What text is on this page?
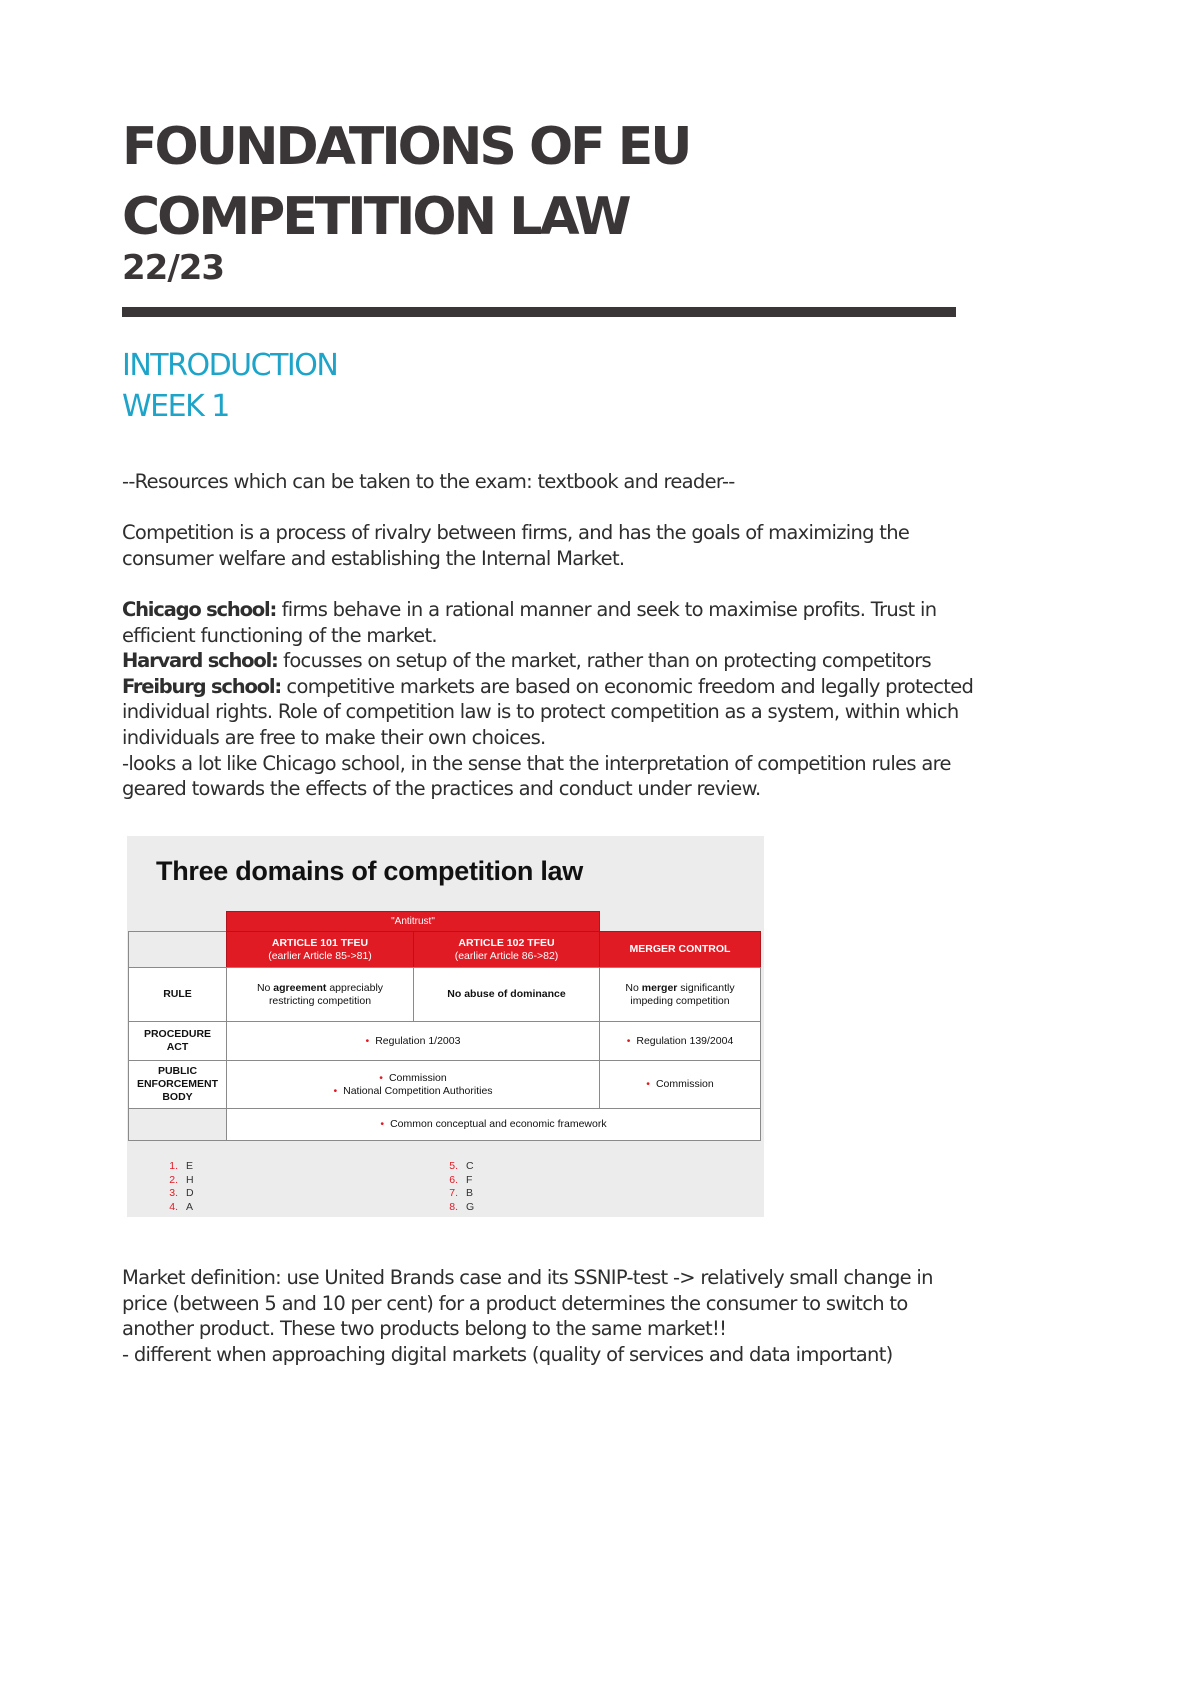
FOUNDATIONS OF EU
COMPETITION LAW
22/23
INTRODUCTION
WEEK 1

--Resources which can be taken to the exam: textbook and reader--

Competition is a process of rivalry between firms, and has the goals of maximizing the consumer welfare and establishing the Internal Market.

Chicago school: firms behave in a rational manner and seek to maximise profits. Trust in efficient functioning of the market.

Harvard school: focusses on setup of the market, rather than on protecting competitors

Freiburg school: competitive markets are based on economic freedom and legally protected individual rights. Role of competition law is to protect competition as a system, within which individuals are free to make their own choices.

-looks a lot like Chicago school, in the sense that the interpretation of competition rules are geared towards the effects of the practices and conduct under review.

Three domains of competition law
"Antitrust"
ARTICLE 101 TFEU
(earlier Article 85->81)
ARTICLE 102 TFEU
(earlier Article 86->82)
MERGER CONTROL
RULE
No agreement appreciably restricting competition
No abuse of dominance
No merger significantly impeding competition
PROCEDURE ACT
• Regulation 1/2003	• Regulation 139/2004
PUBLIC ENFORCEMENT BODY
• Commission
• National Competition Authorities
• Commission
• Common conceptual and economic framework
1. E
2. H
3. D
4. A
5. C
6. F
7. B
8. G

Market definition: use United Brands case and its SSNIP-test -> relatively small change in price (between 5 and 10 per cent) for a product determines the consumer to switch to another product. These two products belong to the same market!!

- different when approaching digital markets (quality of services and data important)
